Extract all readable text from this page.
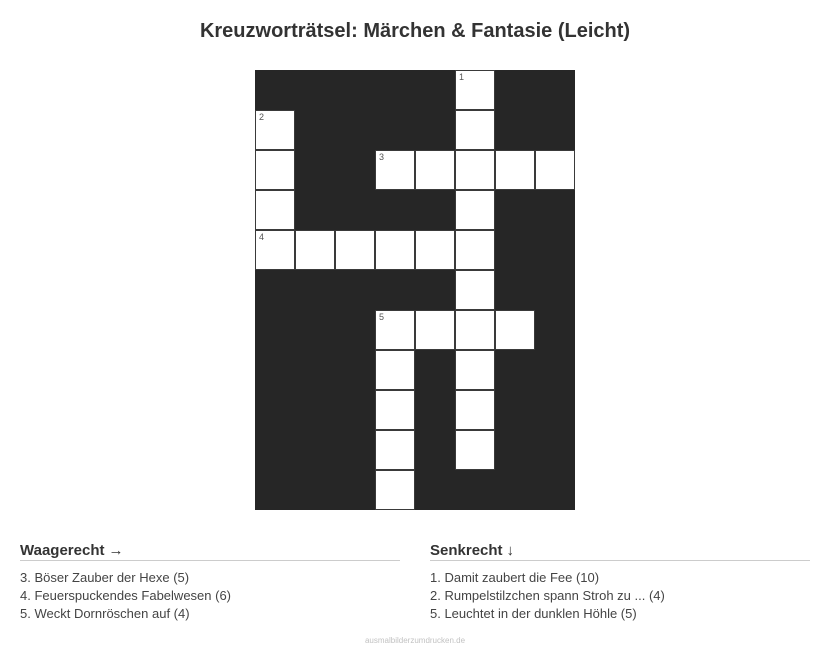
Kreuzworträtsel: Märchen & Fantasie (Leicht)
1
2
3
4
5
Waagerecht →
3. Böser Zauber der Hexe (5)
4. Feuerspuckendes Fabelwesen (6)
5. Weckt Dornröschen auf (4)
Senkrecht ↓
1. Damit zaubert die Fee (10)
2. Rumpelstilzchen spann Stroh zu ... (4)
5. Leuchtet in der dunklen Höhle (5)
ausmalbilderzumdrucken.de
